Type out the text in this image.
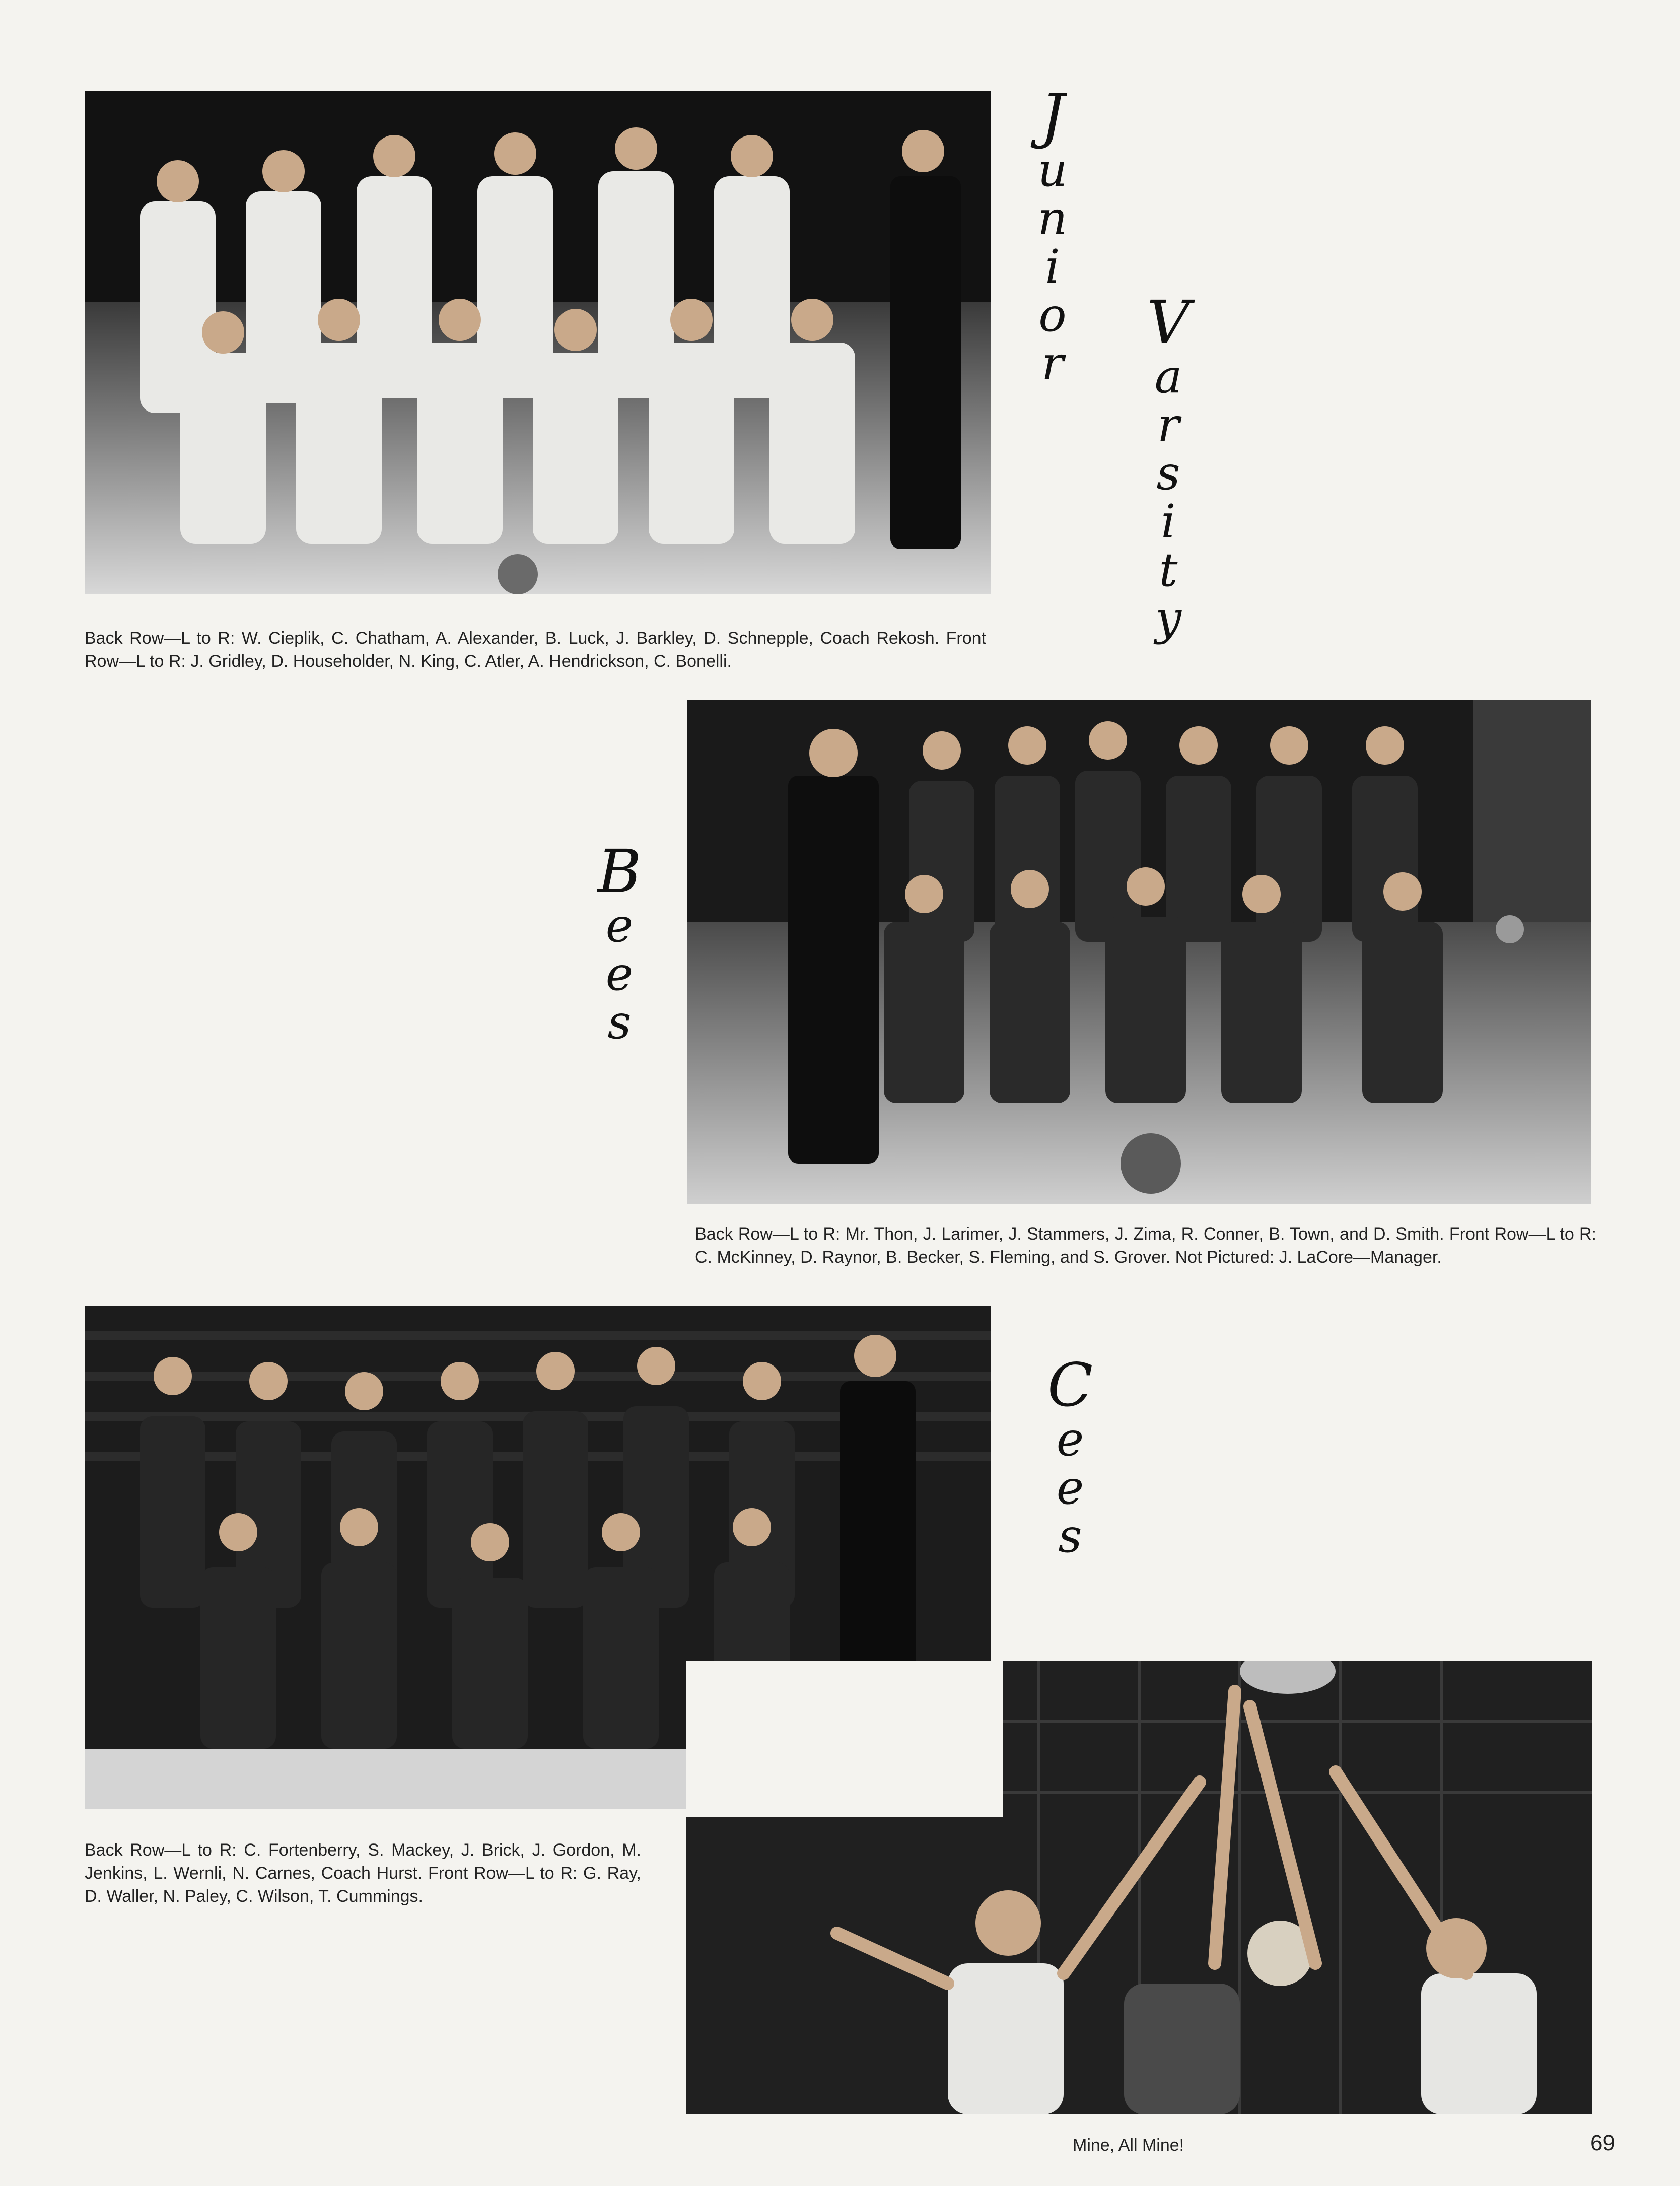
J
u
n
i
o
r
V
a
r
s
i
t
y
Back Row—L to R: W. Cieplik, C. Chatham, A. Alexander, B. Luck, J. Barkley, D. Schnepple, Coach Rekosh. Front Row—L to R: J. Gridley, D. Householder, N. King, C. Atler, A. Hendrickson, C. Bonelli.
B
e
e
s
Back Row—L to R: Mr. Thon, J. Larimer, J. Stammers, J. Zima, R. Conner, B. Town, and D. Smith. Front Row—L to R: C. McKinney, D. Raynor, B. Becker, S. Fleming, and S. Grover. Not Pictured: J. LaCore—Manager.
C
e
e
s
Back Row—L to R: C. Fortenberry, S. Mackey, J. Brick, J. Gordon, M. Jenkins, L. Wernli, N. Carnes, Coach Hurst. Front Row—L to R: G. Ray, D. Waller, N. Paley, C. Wilson, T. Cummings.
Mine, All Mine!	69
